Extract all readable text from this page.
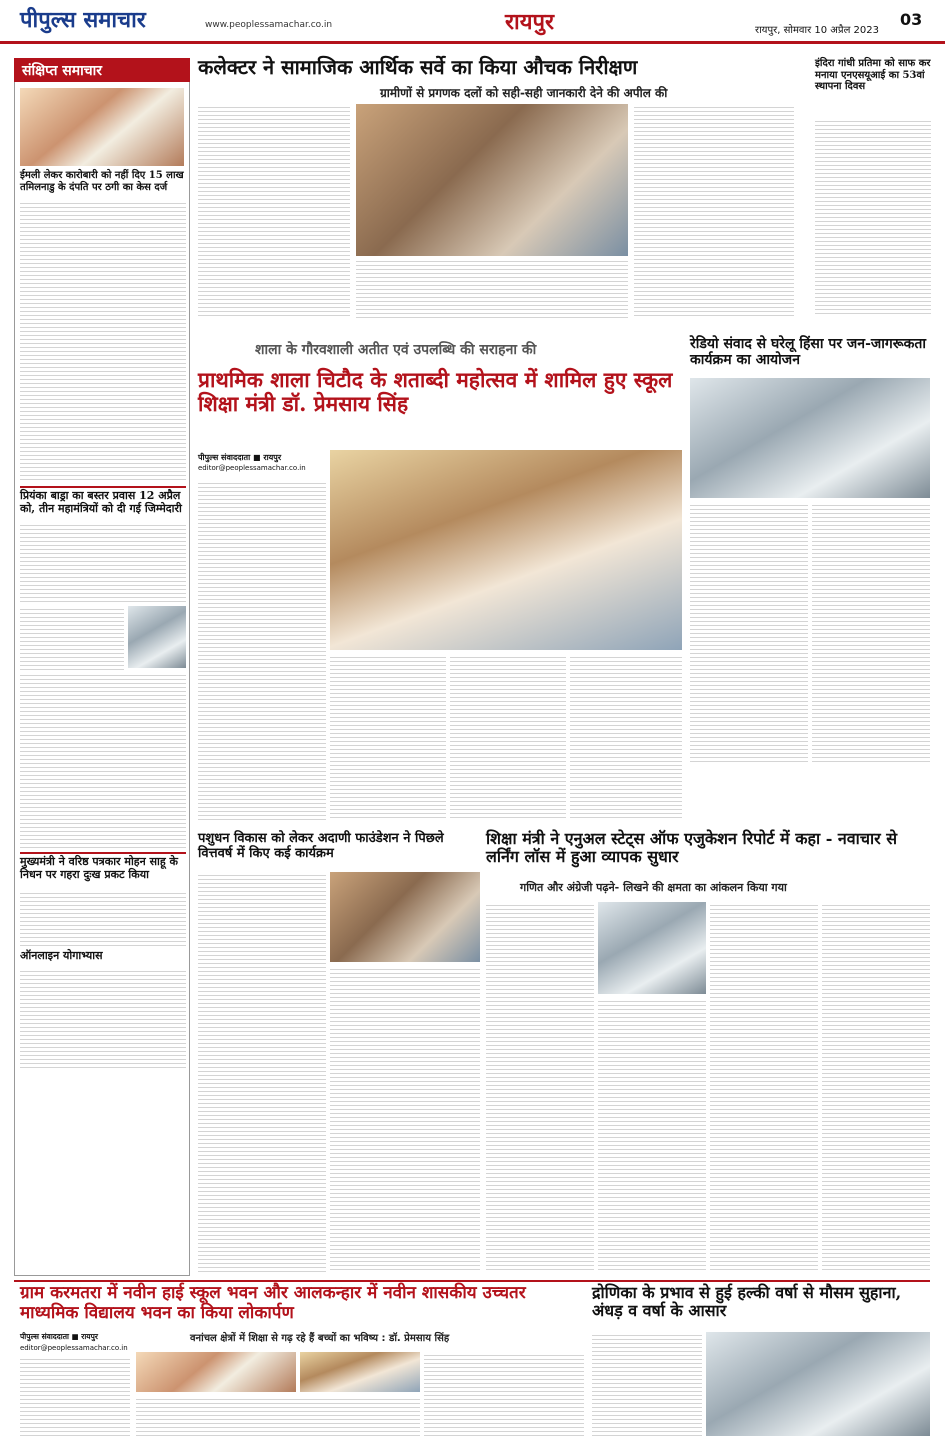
पीपुल्स समाचार	www.peoplessamachar.co.in	रायपुर	रायपुर, सोमवार 10 अप्रैल 2023
03
संक्षिप्त समाचार
ईमली लेकर कारोबारी को नहीं दिए 15 लाख तमिलनाडु के दंपति पर ठगी का केस दर्ज
प्रियंका बाड्रा का बस्तर प्रवास 12 अप्रैल को, तीन महामंत्रियों को दी गई जिम्मेदारी
मुख्यमंत्री ने वरिष्ठ पत्रकार मोहन साहू के निधन पर गहरा दुःख प्रकट किया
ऑनलाइन योगाभ्यास
कलेक्टर ने सामाजिक आर्थिक सर्वे का किया औचक निरीक्षण
ग्रामीणों से प्रगणक दलों को सही-सही जानकारी देने की अपील की
इंदिरा गांधी प्रतिमा को साफ कर मनाया एनएसयूआई का 53वां स्थापना दिवस
रेडियो संवाद से घरेलू हिंसा पर जन-जागरूकता कार्यक्रम का आयोजन
शाला के गौरवशाली अतीत एवं उपलब्धि की सराहना की
प्राथमिक शाला चिटौद के शताब्दी महोत्सव में शामिल हुए स्कूल शिक्षा मंत्री डॉ. प्रेमसाय सिंह
पीपुल्स संवाददाता ■ रायपुर
editor@peoplessamachar.co.in
पशुधन विकास को लेकर अदाणी फाउंडेशन ने पिछले वित्तवर्ष में किए कई कार्यक्रम
शिक्षा मंत्री ने एनुअल स्टेट्स ऑफ एजुकेशन रिपोर्ट में कहा - नवाचार से लर्निंग लॉस में हुआ व्यापक सुधार
गणित और अंग्रेजी पढ़ने- लिखने की क्षमता का आंकलन किया गया
ग्राम करमतरा में नवीन हाई स्कूल भवन और आलकन्हार में नवीन शासकीय उच्चतर माध्यमिक विद्यालय भवन का किया लोकार्पण
वनांचल क्षेत्रों में शिक्षा से गढ़ रहे हैं बच्चों का भविष्य : डॉ. प्रेमसाय सिंह
पीपुल्स संवाददाता ■ रायपुर
editor@peoplessamachar.co.in
द्रोणिका के प्रभाव से हुई हल्की वर्षा से मौसम सुहाना, अंधड़ व वर्षा के आसार
